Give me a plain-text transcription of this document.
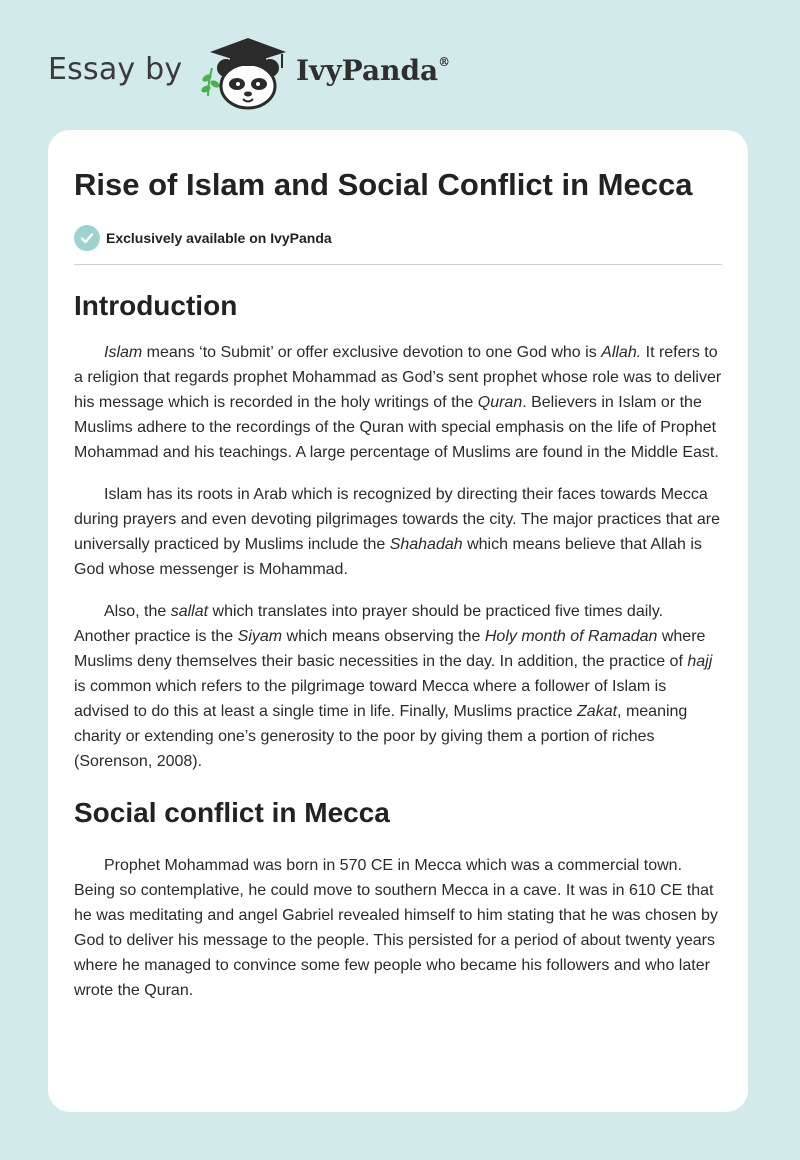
Essay by	IvyPanda®
Rise of Islam and Social Conflict in Mecca
Exclusively available on IvyPanda
Introduction

Islam means ‘to Submit’ or offer exclusive devotion to one God who is Allah. It refers to a religion that regards prophet Mohammad as God’s sent prophet whose role was to deliver his message which is recorded in the holy writings of the Quran. Believers in Islam or the Muslims adhere to the recordings of the Quran with special emphasis on the life of Prophet Mohammad and his teachings. A large percentage of Muslims are found in the Middle East.

Islam has its roots in Arab which is recognized by directing their faces towards Mecca during prayers and even devoting pilgrimages towards the city. The major practices that are universally practiced by Muslims include the Shahadah which means believe that Allah is God whose messenger is Mohammad.

Also, the sallat which translates into prayer should be practiced five times daily. Another practice is the Siyam which means observing the Holy month of Ramadan where Muslims deny themselves their basic necessities in the day. In addition, the practice of hajj is common which refers to the pilgrimage toward Mecca where a follower of Islam is advised to do this at least a single time in life. Finally, Muslims practice Zakat, meaning charity or extending one’s generosity to the poor by giving them a portion of riches (Sorenson, 2008).

Social conflict in Mecca

Prophet Mohammad was born in 570 CE in Mecca which was a commercial town. Being so contemplative, he could move to southern Mecca in a cave. It was in 610 CE that he was meditating and angel Gabriel revealed himself to him stating that he was chosen by God to deliver his message to the people. This persisted for a period of about twenty years where he managed to convince some few people who became his followers and who later wrote the Quran.
